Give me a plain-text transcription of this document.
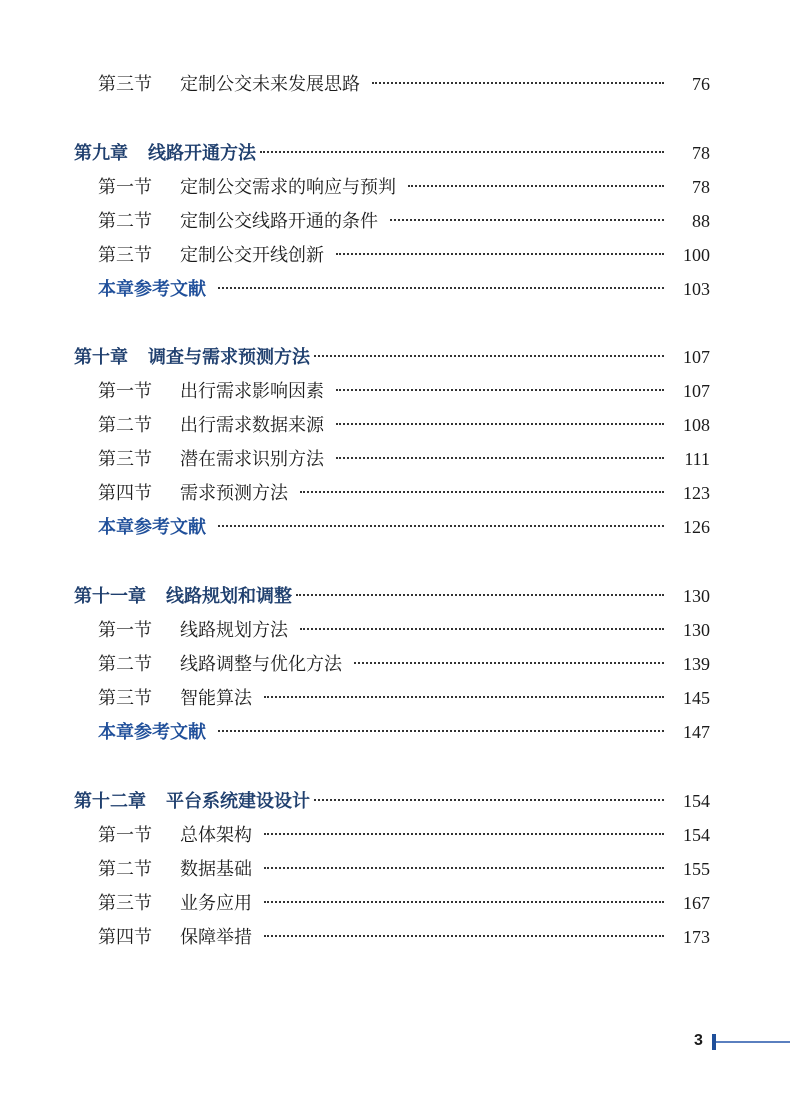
第三节	定制公交未来发展思路	76
第九章 线路开通方法	78
第一节	定制公交需求的响应与预判	78
第二节	定制公交线路开通的条件	88
第三节	定制公交开线创新	100
本章参考文献	103
第十章 调查与需求预测方法	107
第一节	出行需求影响因素	107
第二节	出行需求数据来源	108
第三节	潜在需求识别方法	111
第四节	需求预测方法	123
本章参考文献	126
第十一章 线路规划和调整	130
第一节	线路规划方法	130
第二节	线路调整与优化方法	139
第三节	智能算法	145
本章参考文献	147
第十二章 平台系统建设设计	154
第一节	总体架构	154
第二节	数据基础	155
第三节	业务应用	167
第四节	保障举措	173
3
